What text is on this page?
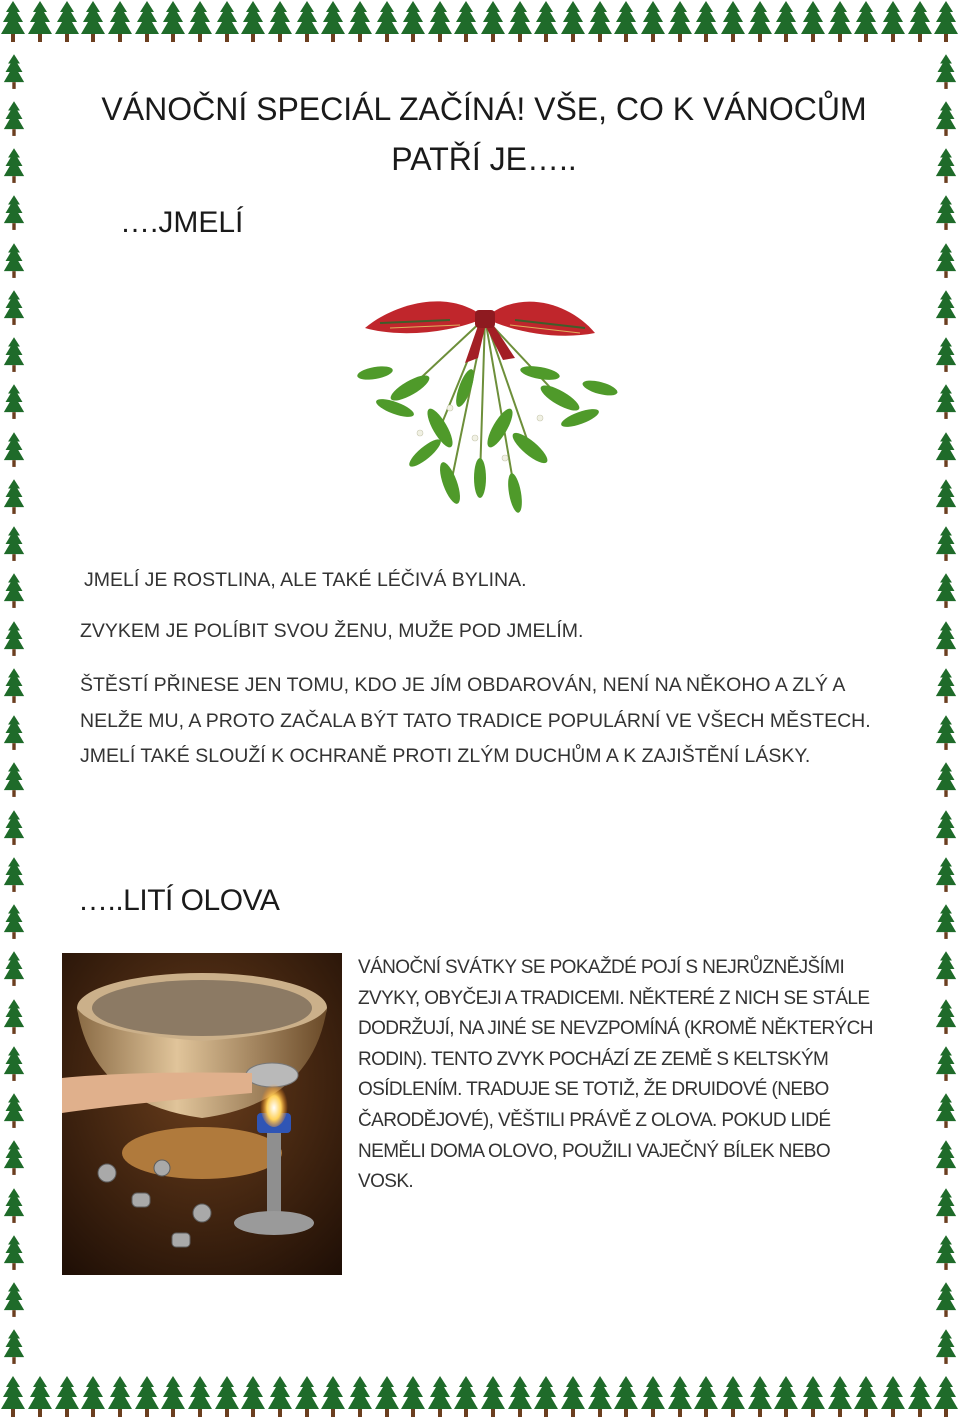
VÁNOČNÍ SPECIÁL ZAČÍNÁ! VŠE, CO K VÁNOCŮM PATŘÍ JE…..
….JMELÍ
JMELÍ JE ROSTLINA, ALE TAKÉ LÉČIVÁ BYLINA.
ZVYKEM JE POLÍBIT SVOU ŽENU, MUŽE POD JMELÍM.
ŠTĚSTÍ PŘINESE JEN TOMU, KDO JE JÍM OBDAROVÁN, NENÍ NA NĚKOHO A ZLÝ A NELŽE MU, A PROTO ZAČALA BÝT TATO TRADICE POPULÁRNÍ VE VŠECH MĚSTECH. JMELÍ TAKÉ SLOUŽÍ K OCHRANĚ PROTI ZLÝM DUCHŮM A K ZAJIŠTĚNÍ LÁSKY.
…..LITÍ OLOVA
VÁNOČNÍ SVÁTKY SE POKAŽDÉ POJÍ S NEJRŮZNĚJŠÍMI ZVYKY, OBYČEJI A TRADICEMI. NĚKTERÉ Z NICH SE STÁLE DODRŽUJÍ, NA JINÉ SE NEVZPOMÍNÁ (KROMĚ NĚKTERÝCH RODIN). TENTO ZVYK POCHÁZÍ ZE ZEMĚ S KELTSKÝM OSÍDLENÍM. TRADUJE SE TOTIŽ, ŽE DRUIDOVÉ (NEBO ČARODĚJOVÉ), VĚŠTILI PRÁVĚ Z OLOVA. POKUD LIDÉ NEMĚLI DOMA OLOVO, POUŽILI VAJEČNÝ BÍLEK NEBO VOSK.
